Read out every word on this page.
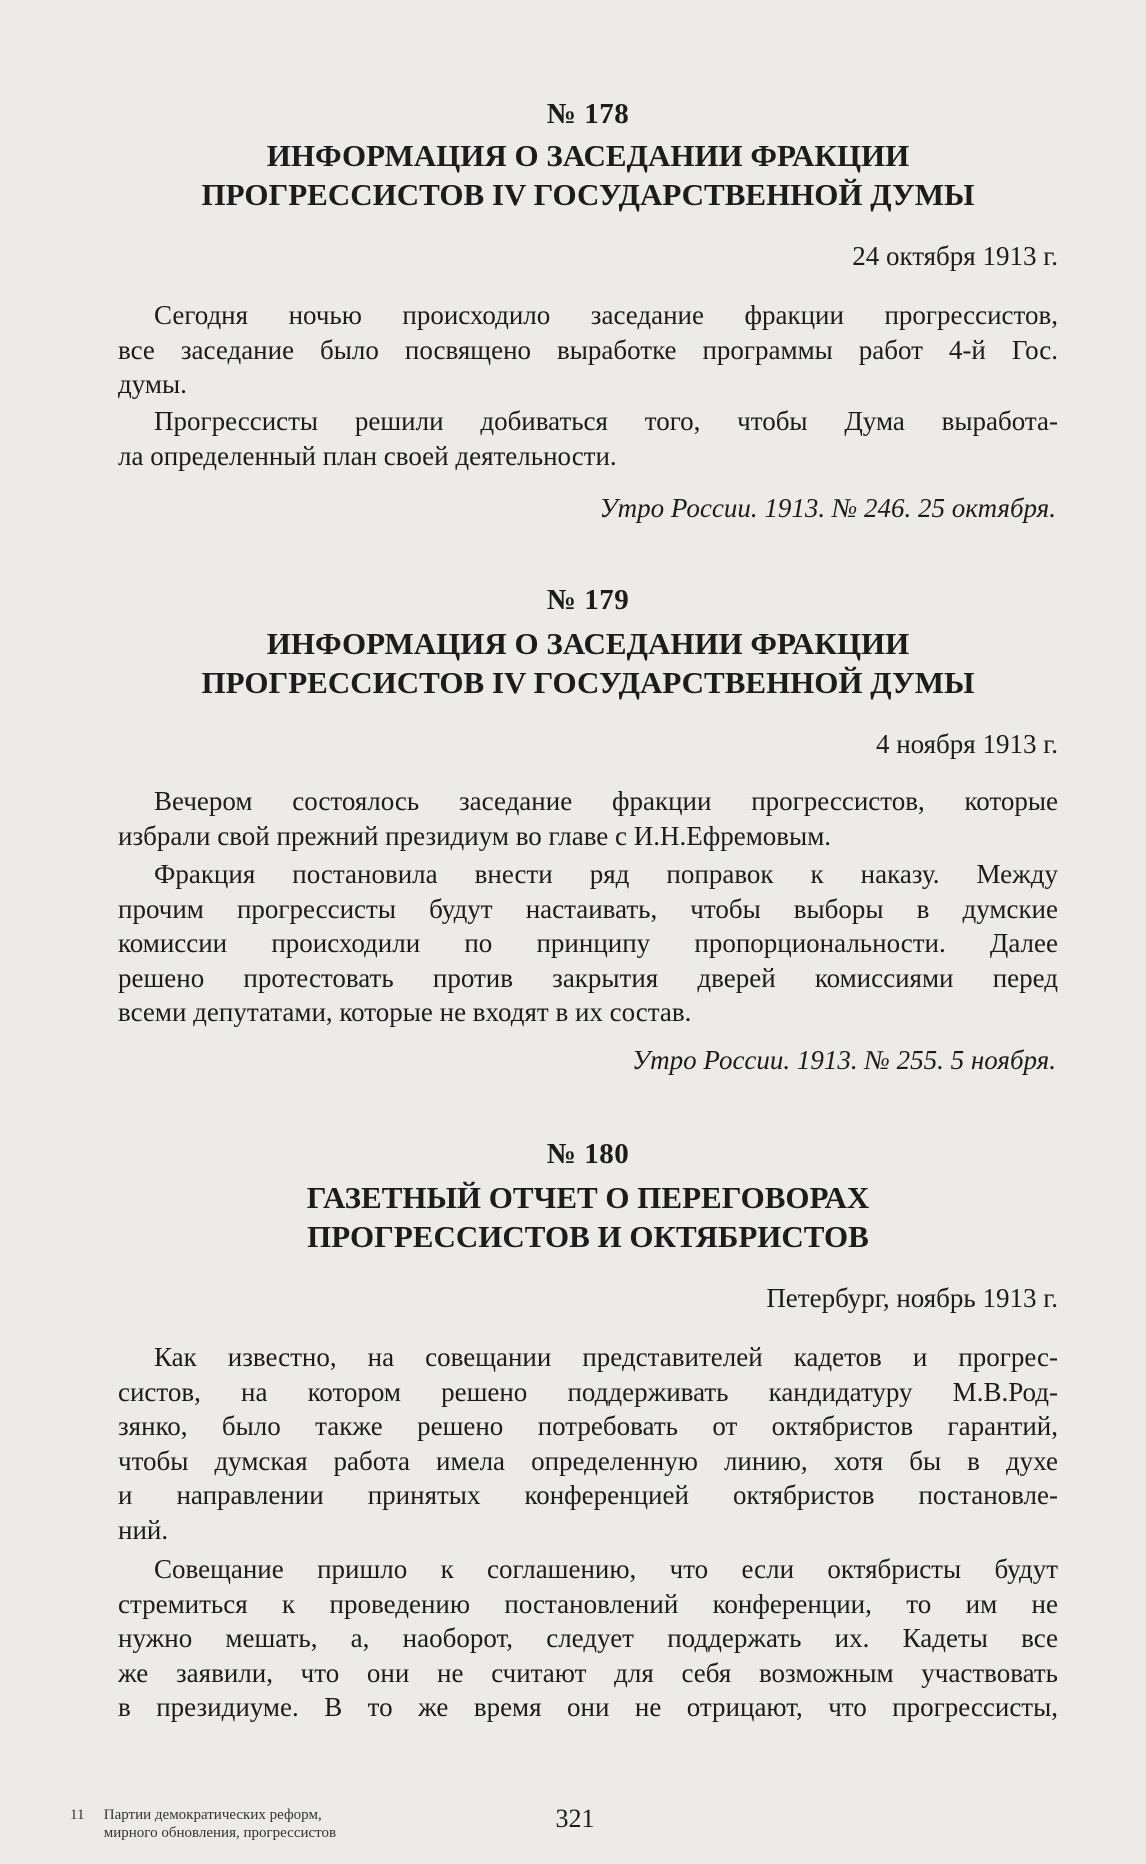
№ 178
ИНФОРМАЦИЯ О ЗАСЕДАНИИ ФРАКЦИИ
ПРОГРЕССИСТОВ IV ГОСУДАРСТВЕННОЙ ДУМЫ
24 октября 1913 г.
Сегодня ночью происходило заседание фракции прогрессистов,
все заседание было посвящено выработке программы работ 4-й Гос.
думы.
Прогрессисты решили добиваться того, чтобы Дума выработа-
ла определенный план своей деятельности.
Утро России. 1913. № 246. 25 октября.
№ 179
ИНФОРМАЦИЯ О ЗАСЕДАНИИ ФРАКЦИИ
ПРОГРЕССИСТОВ IV ГОСУДАРСТВЕННОЙ ДУМЫ
4 ноября 1913 г.
Вечером состоялось заседание фракции прогрессистов, которые
избрали свой прежний президиум во главе с И.Н.Ефремовым.
Фракция постановила внести ряд поправок к наказу. Между
прочим прогрессисты будут настаивать, чтобы выборы в думские
комиссии происходили по принципу пропорциональности. Далее
решено протестовать против закрытия дверей комиссиями перед
всеми депутатами, которые не входят в их состав.
Утро России. 1913. № 255. 5 ноября.
№ 180
ГАЗЕТНЫЙ ОТЧЕТ О ПЕРЕГОВОРАХ
ПРОГРЕССИСТОВ И ОКТЯБРИСТОВ
Петербург, ноябрь 1913 г.
Как известно, на совещании представителей кадетов и прогрес-
систов, на котором решено поддерживать кандидатуру М.В.Род-
зянко, было также решено потребовать от октябристов гарантий,
чтобы думская работа имела определенную линию, хотя бы в духе
и направлении принятых конференцией октябристов постановле-
ний.
Совещание пришло к соглашению, что если октябристы будут
стремиться к проведению постановлений конференции, то им не
нужно мешать, а, наоборот, следует поддержать их. Кадеты все
же заявили, что они не считают для себя возможным участвовать
в президиуме. В то же время они не отрицают, что прогрессисты,
11 Партии демократических реформ,
мирного обновления, прогрессистов	321
